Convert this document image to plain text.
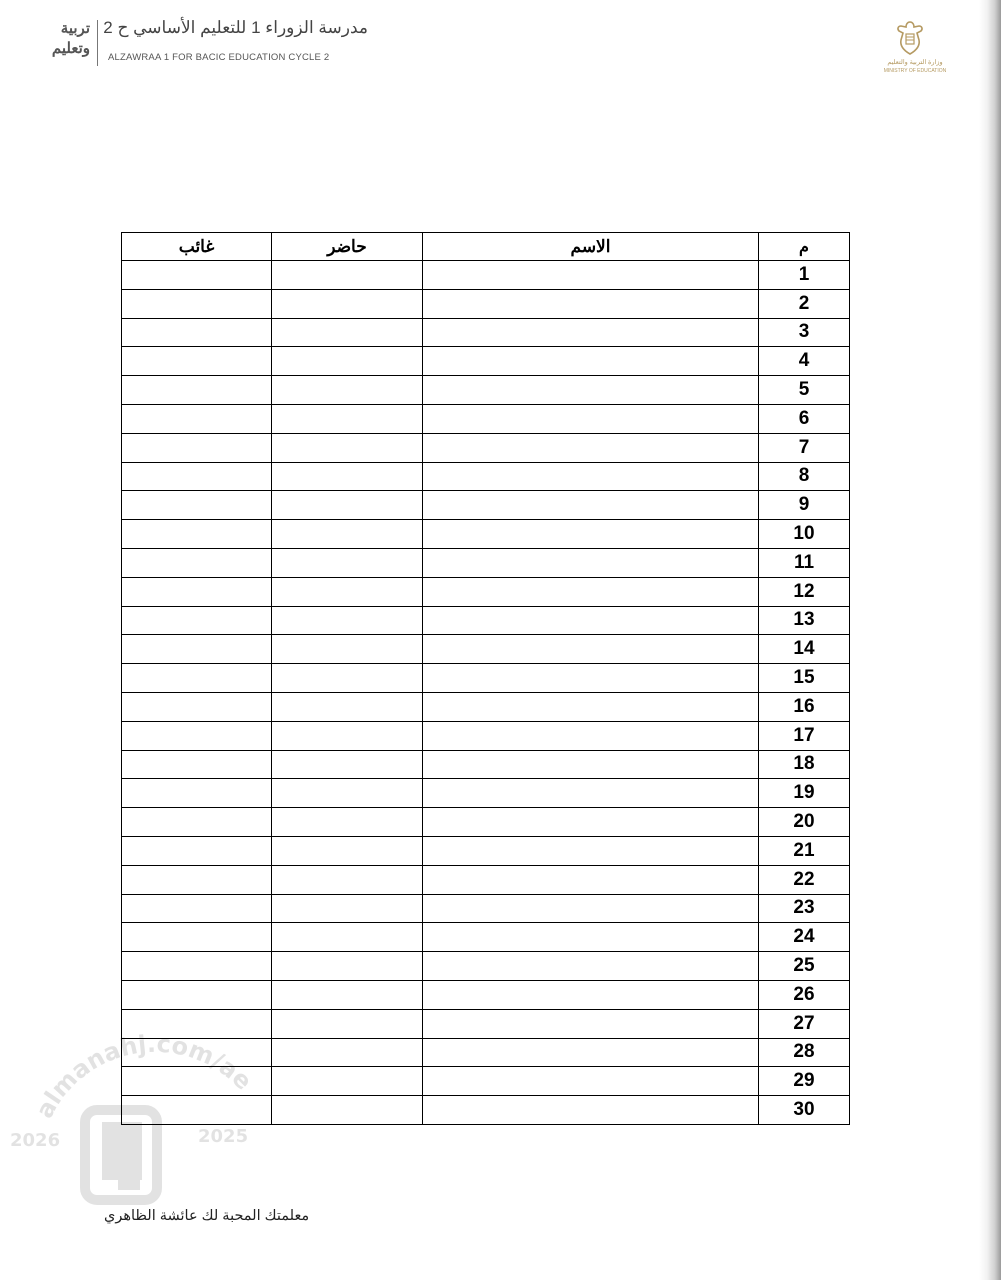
تربية
وتعليم
مدرسة الزوراء 1 للتعليم الأساسي ح 2
ALZAWRAA 1 FOR BACIC EDUCATION CYCLE 2	وزارة التربية والتعليم
MINISTRY OF EDUCATION
almanahj.com/ae
2026	2025
غائب	حاضر	الاسم	م
			1
			2
			3
			4
			5
			6
			7
			8
			9
			10
			11
			12
			13
			14
			15
			16
			17
			18
			19
			20
			21
			22
			23
			24
			25
			26
			27
			28
			29
			30
معلمتك المحبة لك عائشة الظاهري
